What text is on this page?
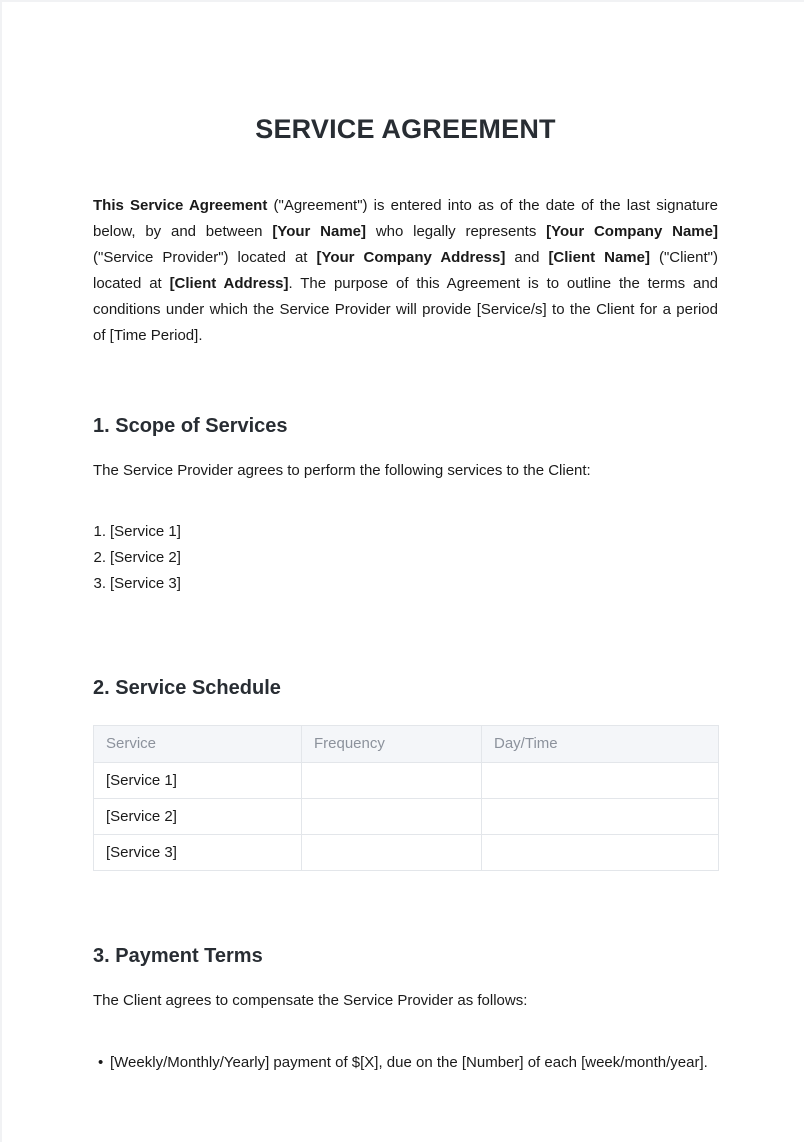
SERVICE AGREEMENT

This Service Agreement ("Agreement") is entered into as of the date of the last signature below, by and between [Your Name] who legally represents [Your Company Name] ("Service Provider") located at [Your Company Address] and [Client Name] ("Client") located at [Client Address]. The purpose of this Agreement is to outline the terms and conditions under which the Service Provider will provide [Service/s] to the Client for a period of [Time Period].

1. Scope of Services

The Service Provider agrees to perform the following services to the Client:

1. [Service 1]
2. [Service 2]
3. [Service 3]
2. Service Schedule
Service	Frequency	Day/Time
[Service 1]		
[Service 2]		
[Service 3]		
3. Payment Terms

The Client agrees to compensate the Service Provider as follows:

• [Weekly/Monthly/Yearly] payment of $[X], due on the [Number] of each [week/month/year].
